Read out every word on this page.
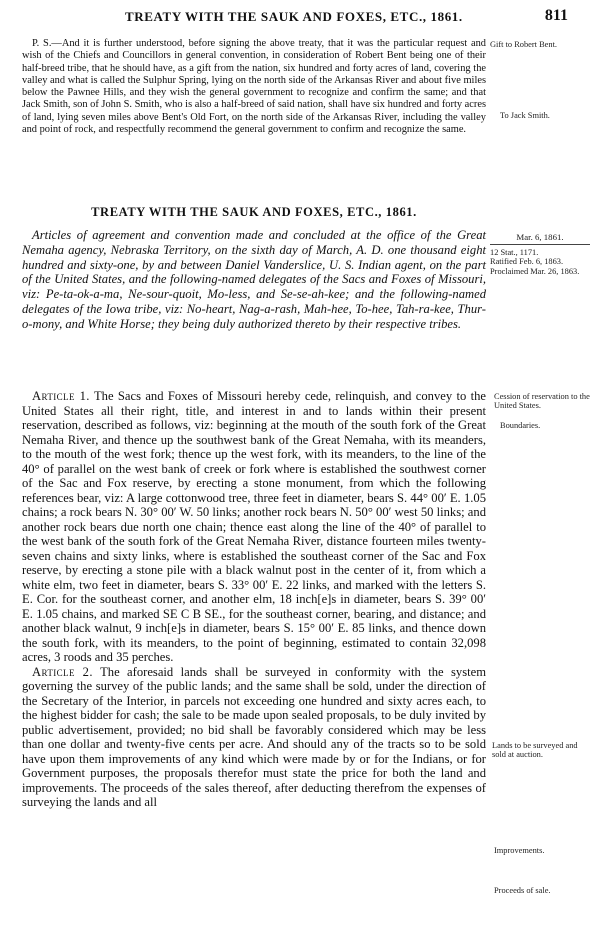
TREATY WITH THE SAUK AND FOXES, ETC., 1861.	811

P. S.—And it is further understood, before signing the above treaty, that it was the particular request and wish of the Chiefs and Councillors in general convention, in consideration of Robert Bent being one of their half-breed tribe, that he should have, as a gift from the nation, six hundred and forty acres of land, covering the valley and what is called the Sulphur Spring, lying on the north side of the Arkansas River and about five miles below the Pawnee Hills, and they wish the general government to recognize and confirm the same; and that Jack Smith, son of John S. Smith, who is also a half-breed of said nation, shall have six hundred and forty acres of land, lying seven miles above Bent's Old Fort, on the north side of the Arkansas River, including the valley and point of rock, and respectfully recommend the general government to confirm and recognize the same.

TREATY WITH THE SAUK AND FOXES, ETC., 1861.

Articles of agreement and convention made and concluded at the office of the Great Nemaha agency, Nebraska Territory, on the sixth day of March, A. D. one thousand eight hundred and sixty-one, by and between Daniel Vanderslice, U. S. Indian agent, on the part of the United States, and the following-named delegates of the Sacs and Foxes of Missouri, viz: Pe-ta-ok-a-ma, Ne-sour-quoit, Mo-less, and Se-se-ah-kee; and the following-named delegates of the Iowa tribe, viz: No-heart, Nag-a-rash, Mah-hee, To-hee, Tah-ra-kee, Thur-o-mony, and White Horse; they being duly authorized thereto by their respective tribes.

Article 1. The Sacs and Foxes of Missouri hereby cede, relinquish, and convey to the United States all their right, title, and interest in and to lands within their present reservation, described as follows, viz: beginning at the mouth of the south fork of the Great Nemaha River, and thence up the southwest bank of the Great Nemaha, with its meanders, to the mouth of the west fork; thence up the west fork, with its meanders, to the line of the 40° of parallel on the west bank of creek or fork where is established the southwest corner of the Sac and Fox reserve, by erecting a stone monument, from which the following references bear, viz: A large cottonwood tree, three feet in diameter, bears S. 44° 00′ E. 1.05 chains; a rock bears N. 30° 00′ W. 50 links; another rock bears N. 50° 00′ west 50 links; and another rock bears due north one chain; thence east along the line of the 40° of parallel to the west bank of the south fork of the Great Nemaha River, distance fourteen miles twenty-seven chains and sixty links, where is established the southeast corner of the Sac and Fox reserve, by erecting a stone pile with a black walnut post in the center of it, from which a white elm, two feet in diameter, bears S. 33° 00′ E. 22 links, and marked with the letters S. E. Cor. for the southeast corner, and another elm, 18 inch[e]s in diameter, bears S. 39° 00′ E. 1.05 chains, and marked SE C B SE., for the southeast corner, bearing, and distance; and another black walnut, 9 inch[e]s in diameter, bears S. 15° 00′ E. 85 links, and thence down the south fork, with its meanders, to the point of beginning, estimated to contain 32,098 acres, 3 roods and 35 perches.

Article 2. The aforesaid lands shall be surveyed in conformity with the system governing the survey of the public lands; and the same shall be sold, under the direction of the Secretary of the Interior, in parcels not exceeding one hundred and sixty acres each, to the highest bidder for cash; the sale to be made upon sealed proposals, to be duly invited by public advertisement, provided; no bid shall be favorably considered which may be less than one dollar and twenty-five cents per acre. And should any of the tracts so to be sold have upon them improvements of any kind which were made by or for the Indians, or for Government purposes, the proposals therefor must state the price for both the land and improvements. The proceeds of the sales thereof, after deducting therefrom the expenses of surveying the lands and all

Gift to Robert Bent.
To Jack Smith.
Mar. 6, 1861.
12 Stat., 1171.
Ratified Feb. 6, 1863.
Proclaimed Mar. 26, 1863.
Cession of reservation to the United States.
Boundaries.
Lands to be surveyed and sold at auction.
Improvements.
Proceeds of sale.
